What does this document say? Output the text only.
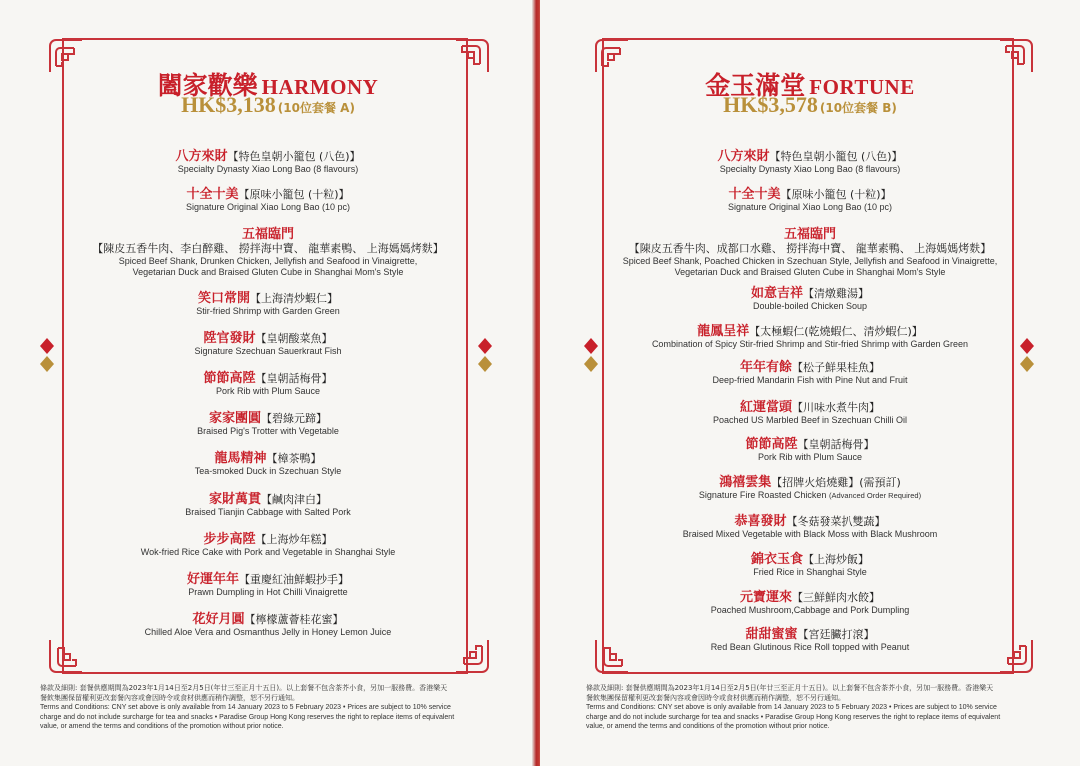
闔家歡樂 HARMONY
HK$3,138 (10位套餐 A)
八方來財【特色皇朝小籠包 (八色)】
Specialty Dynasty Xiao Long Bao (8 flavours)
十全十美【原味小籠包 (十粒)】
Signature Original Xiao Long Bao (10 pc)
五福臨門
【陳皮五香牛肉、李白醉雞、 撈拌海中寶、 龍華素鴨、 上海媽媽烤麩】
Spiced Beef Shank, Drunken Chicken, Jellyfish and Seafood in Vinaigrette,
Vegetarian Duck and Braised Gluten Cube in Shanghai Mom's Style
笑口常開【上海清炒蝦仁】
Stir-fried Shrimp with Garden Green
陞官發財【皇朝酸菜魚】
Signature Szechuan Sauerkraut Fish
節節高陞【皇朝話梅骨】
Pork Rib with Plum Sauce
家家團圓【碧綠元蹄】
Braised Pig's Trotter with Vegetable
龍馬精神【樟茶鴨】
Tea-smoked Duck in Szechuan Style
家財萬貫【鹹肉津白】
Braised Tianjin Cabbage with Salted Pork
步步高陞【上海炒年糕】
Wok-fried Rice Cake with Pork and Vegetable in Shanghai Style
好運年年【重慶紅油鮮蝦抄手】
Prawn Dumpling in Hot Chilli Vinaigrette
花好月圓【檸檬蘆薈桂花蜜】
Chilled Aloe Vera and Osmanthus Jelly in Honey Lemon Juice
條款及細則: 套餐供應期間為2023年1月14日至2月5日(年廿三至正月十五日)。以上套餐不包含茶芥小食，另加一服務費。香港樂天
餐飲集團保留權利更改套餐內容或會因時令或食材供應而稍作調整，恕不另行通知。
Terms and Conditions: CNY set above is only available from 14 January 2023 to 5 February 2023 • Prices are subject to 10% service
charge and do not include surcharge for tea and snacks • Paradise Group Hong Kong reserves the right to replace items of equivalent
value, or amend the terms and conditions of the promotion without prior notice.
金玉滿堂 FORTUNE
HK$3,578 (10位套餐 B)
八方來財【特色皇朝小籠包 (八色)】
Specialty Dynasty Xiao Long Bao (8 flavours)
十全十美【原味小籠包 (十粒)】
Signature Original Xiao Long Bao (10 pc)
五福臨門
【陳皮五香牛肉、成都口水雞、 撈拌海中寶、 龍華素鴨、 上海媽媽烤麩】
Spiced Beef Shank, Poached Chicken in Szechuan Style, Jellyfish and Seafood in Vinaigrette,
Vegetarian Duck and Braised Gluten Cube in Shanghai Mom's Style
如意吉祥【清燉雞湯】
Double-boiled Chicken Soup
龍鳳呈祥【太極蝦仁(乾燒蝦仁、清炒蝦仁)】
Combination of Spicy Stir-fried Shrimp and Stir-fried Shrimp with Garden Green
年年有餘【松子鮮果桂魚】
Deep-fried Mandarin Fish with Pine Nut and Fruit
紅運當頭【川味水煮牛肉】
Poached US Marbled Beef in Szechuan Chilli Oil
節節高陞【皇朝話梅骨】
Pork Rib with Plum Sauce
鴻禧雲集【招牌火焰燒雞】(需預訂)
Signature Fire Roasted Chicken (Advanced Order Required)
恭喜發財【冬菇發菜扒雙蔬】
Braised Mixed Vegetable with Black Moss with Black Mushroom
錦衣玉食【上海炒飯】
Fried Rice in Shanghai Style
元寶運來【三鮮鮮肉水餃】
Poached Mushroom,Cabbage and Pork Dumpling
甜甜蜜蜜【宮廷臟打滾】
Red Bean Glutinous Rice Roll topped with Peanut
條款及細則: 套餐供應期間為2023年1月14日至2月5日(年廿三至正月十五日)。以上套餐不包含茶芥小食，另加一服務費。香港樂天
餐飲集團保留權利更改套餐內容或會因時令或食材供應而稍作調整，恕不另行通知。
Terms and Conditions: CNY set above is only available from 14 January 2023 to 5 February 2023 • Prices are subject to 10% service
charge and do not include surcharge for tea and snacks • Paradise Group Hong Kong reserves the right to replace items of equivalent
value, or amend the terms and conditions of the promotion without prior notice.
